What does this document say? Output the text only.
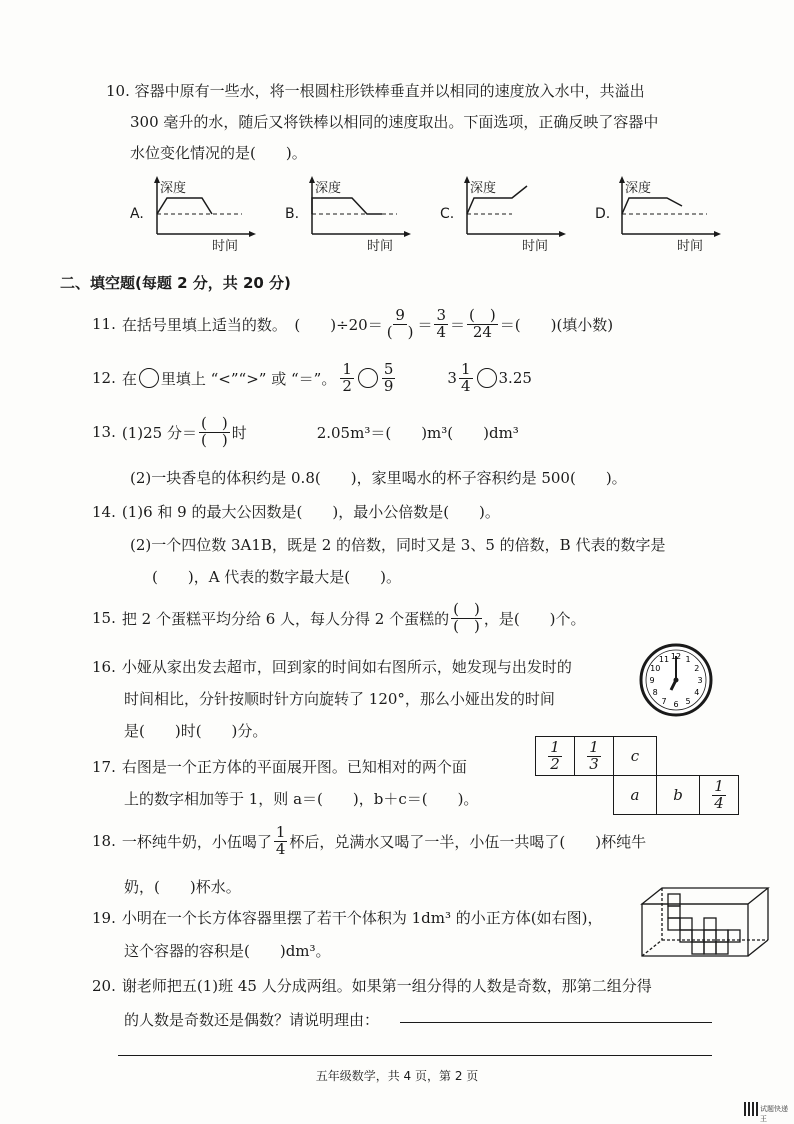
10. 容器中原有一些水，将一根圆柱形铁棒垂直并以相同的速度放入水中，共溢出
300 毫升的水，随后又将铁棒以相同的速度取出。下面选项，正确反映了容器中
水位变化情况的是(　　)。
A.
深度
时间
B.
深度
时间
C.
深度
时间
D.
深度
时间
二、填空题(每题 2 分，共 20 分)
11. 在括号里填上适当的数。　(　　)$\div 20= \frac{9}{( )} = \frac{3}{4} = \frac{( )}{24}$ ＝(　　)(填小数)
12. 在 里填上 “<”“>” 或 “＝”。 $\frac{1}{2} \frac{5}{9}$	$3 \frac{1}{4} 3.25$
13. (1)25 分＝ $\frac{( )}{( )}$ 时	2.05m³＝(　　)m³(　　)dm³
(2)一块香皂的体积约是 0.8(　　)，家里喝水的杯子容积约是 500(　　)。
14. (1)6 和 9 的最大公因数是(　　)，最小公倍数是(　　)。
(2)一个四位数 3A1B，既是 2 的倍数，同时又是 3、5 的倍数，B 代表的数字是
(　　)，A 代表的数字最大是(　　)。
15. 把 2 个蛋糕平均分给 6 人，每人分得 2 个蛋糕的 $\frac{( )}{( )}$ ，是(　　)个。
16. 小娅从家出发去超市，回到家的时间如右图所示，她发现与出发时的
时间相比，分针按顺时针方向旋转了 120°，那么小娅出发的时间
是(　　)时(　　)分。
12 1
2
3
4
5
6
7
8
9
10
11
17. 右图是一个正方体的平面展开图。已知相对的两个面
上的数字相加等于 1，则 a＝(　　)，b＋c＝(　　)。
$\frac{1}{2}$	$\frac{1}{3}$	c		
		a	b	$\frac{1}{4}$
18. 一杯纯牛奶，小伍喝了 $\frac{1}{4}$ 杯后，兑满水又喝了一半，小伍一共喝了(　　)杯纯牛
奶，(　　)杯水。
19. 小明在一个长方体容器里摆了若干个体积为 1dm³ 的小正方体(如右图)，
这个容器的容积是(　　)dm³。
20. 谢老师把五(1)班 45 人分成两组。如果第一组分得的人数是奇数，那第二组分得
的人数是奇数还是偶数？请说明理由：
五年级数学，共 4 页，第 2 页
试题快递王
